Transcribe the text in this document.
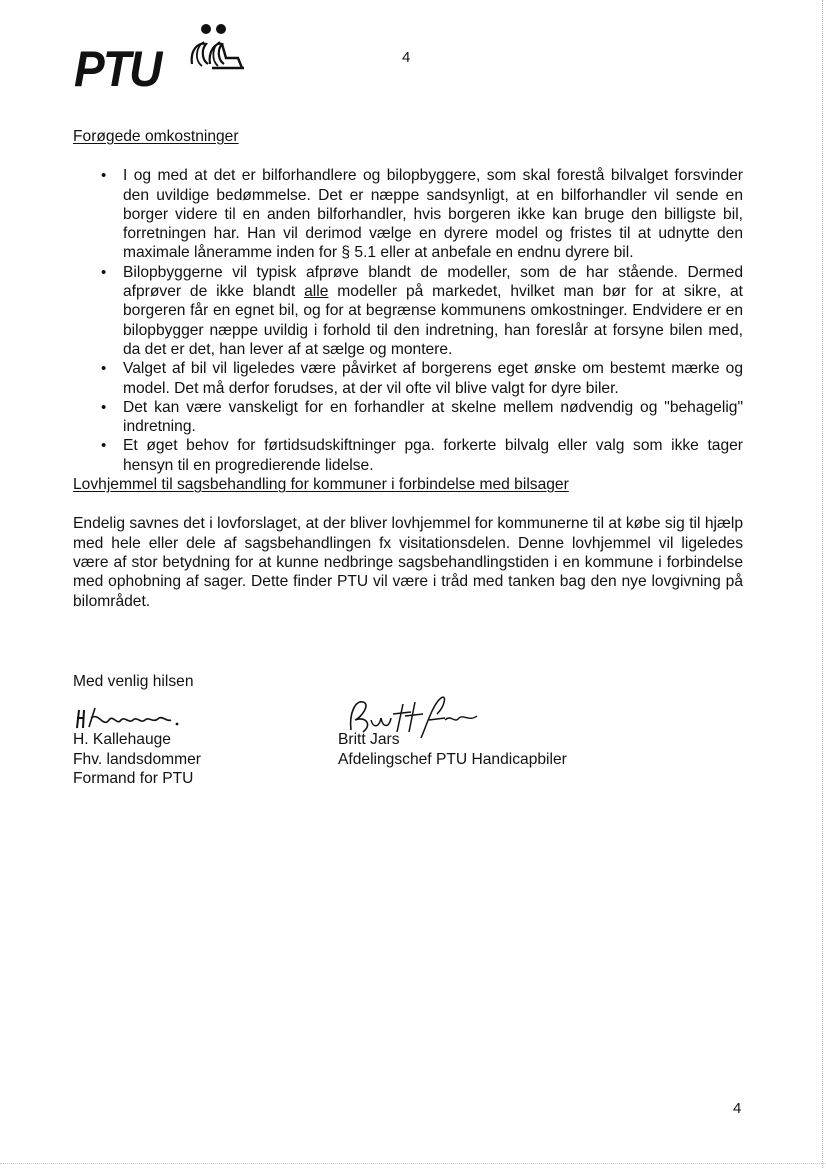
PTU	4
Forøgede omkostninger
• I og med at det er bilforhandlere og bilopbyggere, som skal forestå bilvalget forsvinder den uvildige bedømmelse. Det er næppe sandsynligt, at en bilforhandler vil sende en borger videre til en anden bilforhandler, hvis borgeren ikke kan bruge den billigste bil, forretningen har. Han vil derimod vælge en dyrere model og fristes til at udnytte den maximale låneramme inden for § 5.1 eller at anbefale en endnu dyrere bil.
• Bilopbyggerne vil typisk afprøve blandt de modeller, som de har stående. Dermed afprøver de ikke blandt alle modeller på markedet, hvilket man bør for at sikre, at borgeren får en egnet bil, og for at begrænse kommunens omkostninger. Endvidere er en bilopbygger næppe uvildig i forhold til den indretning, han foreslår at forsyne bilen med, da det er det, han lever af at sælge og montere.
• Valget af bil vil ligeledes være påvirket af borgerens eget ønske om bestemt mærke og model. Det må derfor forudses, at der vil ofte vil blive valgt for dyre biler.
• Det kan være vanskeligt for en forhandler at skelne mellem nødvendig og "behagelig" indretning.
• Et øget behov for førtidsudskiftninger pga. forkerte bilvalg eller valg som ikke tager hensyn til en progredierende lidelse.
Lovhjemmel til sagsbehandling for kommuner i forbindelse med bilsager

Endelig savnes det i lovforslaget, at der bliver lovhjemmel for kommunerne til at købe sig til hjælp med hele eller dele af sagsbehandlingen fx visitationsdelen. Denne lovhjemmel vil ligeledes være af stor betydning for at kunne nedbringe sagsbehandlingstiden i en kommune i forbindelse med ophobning af sager. Dette finder PTU vil være i tråd med tanken bag den nye lovgivning på bilområdet.

Med venlig hilsen
H. Kallehauge
Fhv. landsdommer
Formand for PTU
Britt Jars
Afdelingschef PTU Handicapbiler
4
